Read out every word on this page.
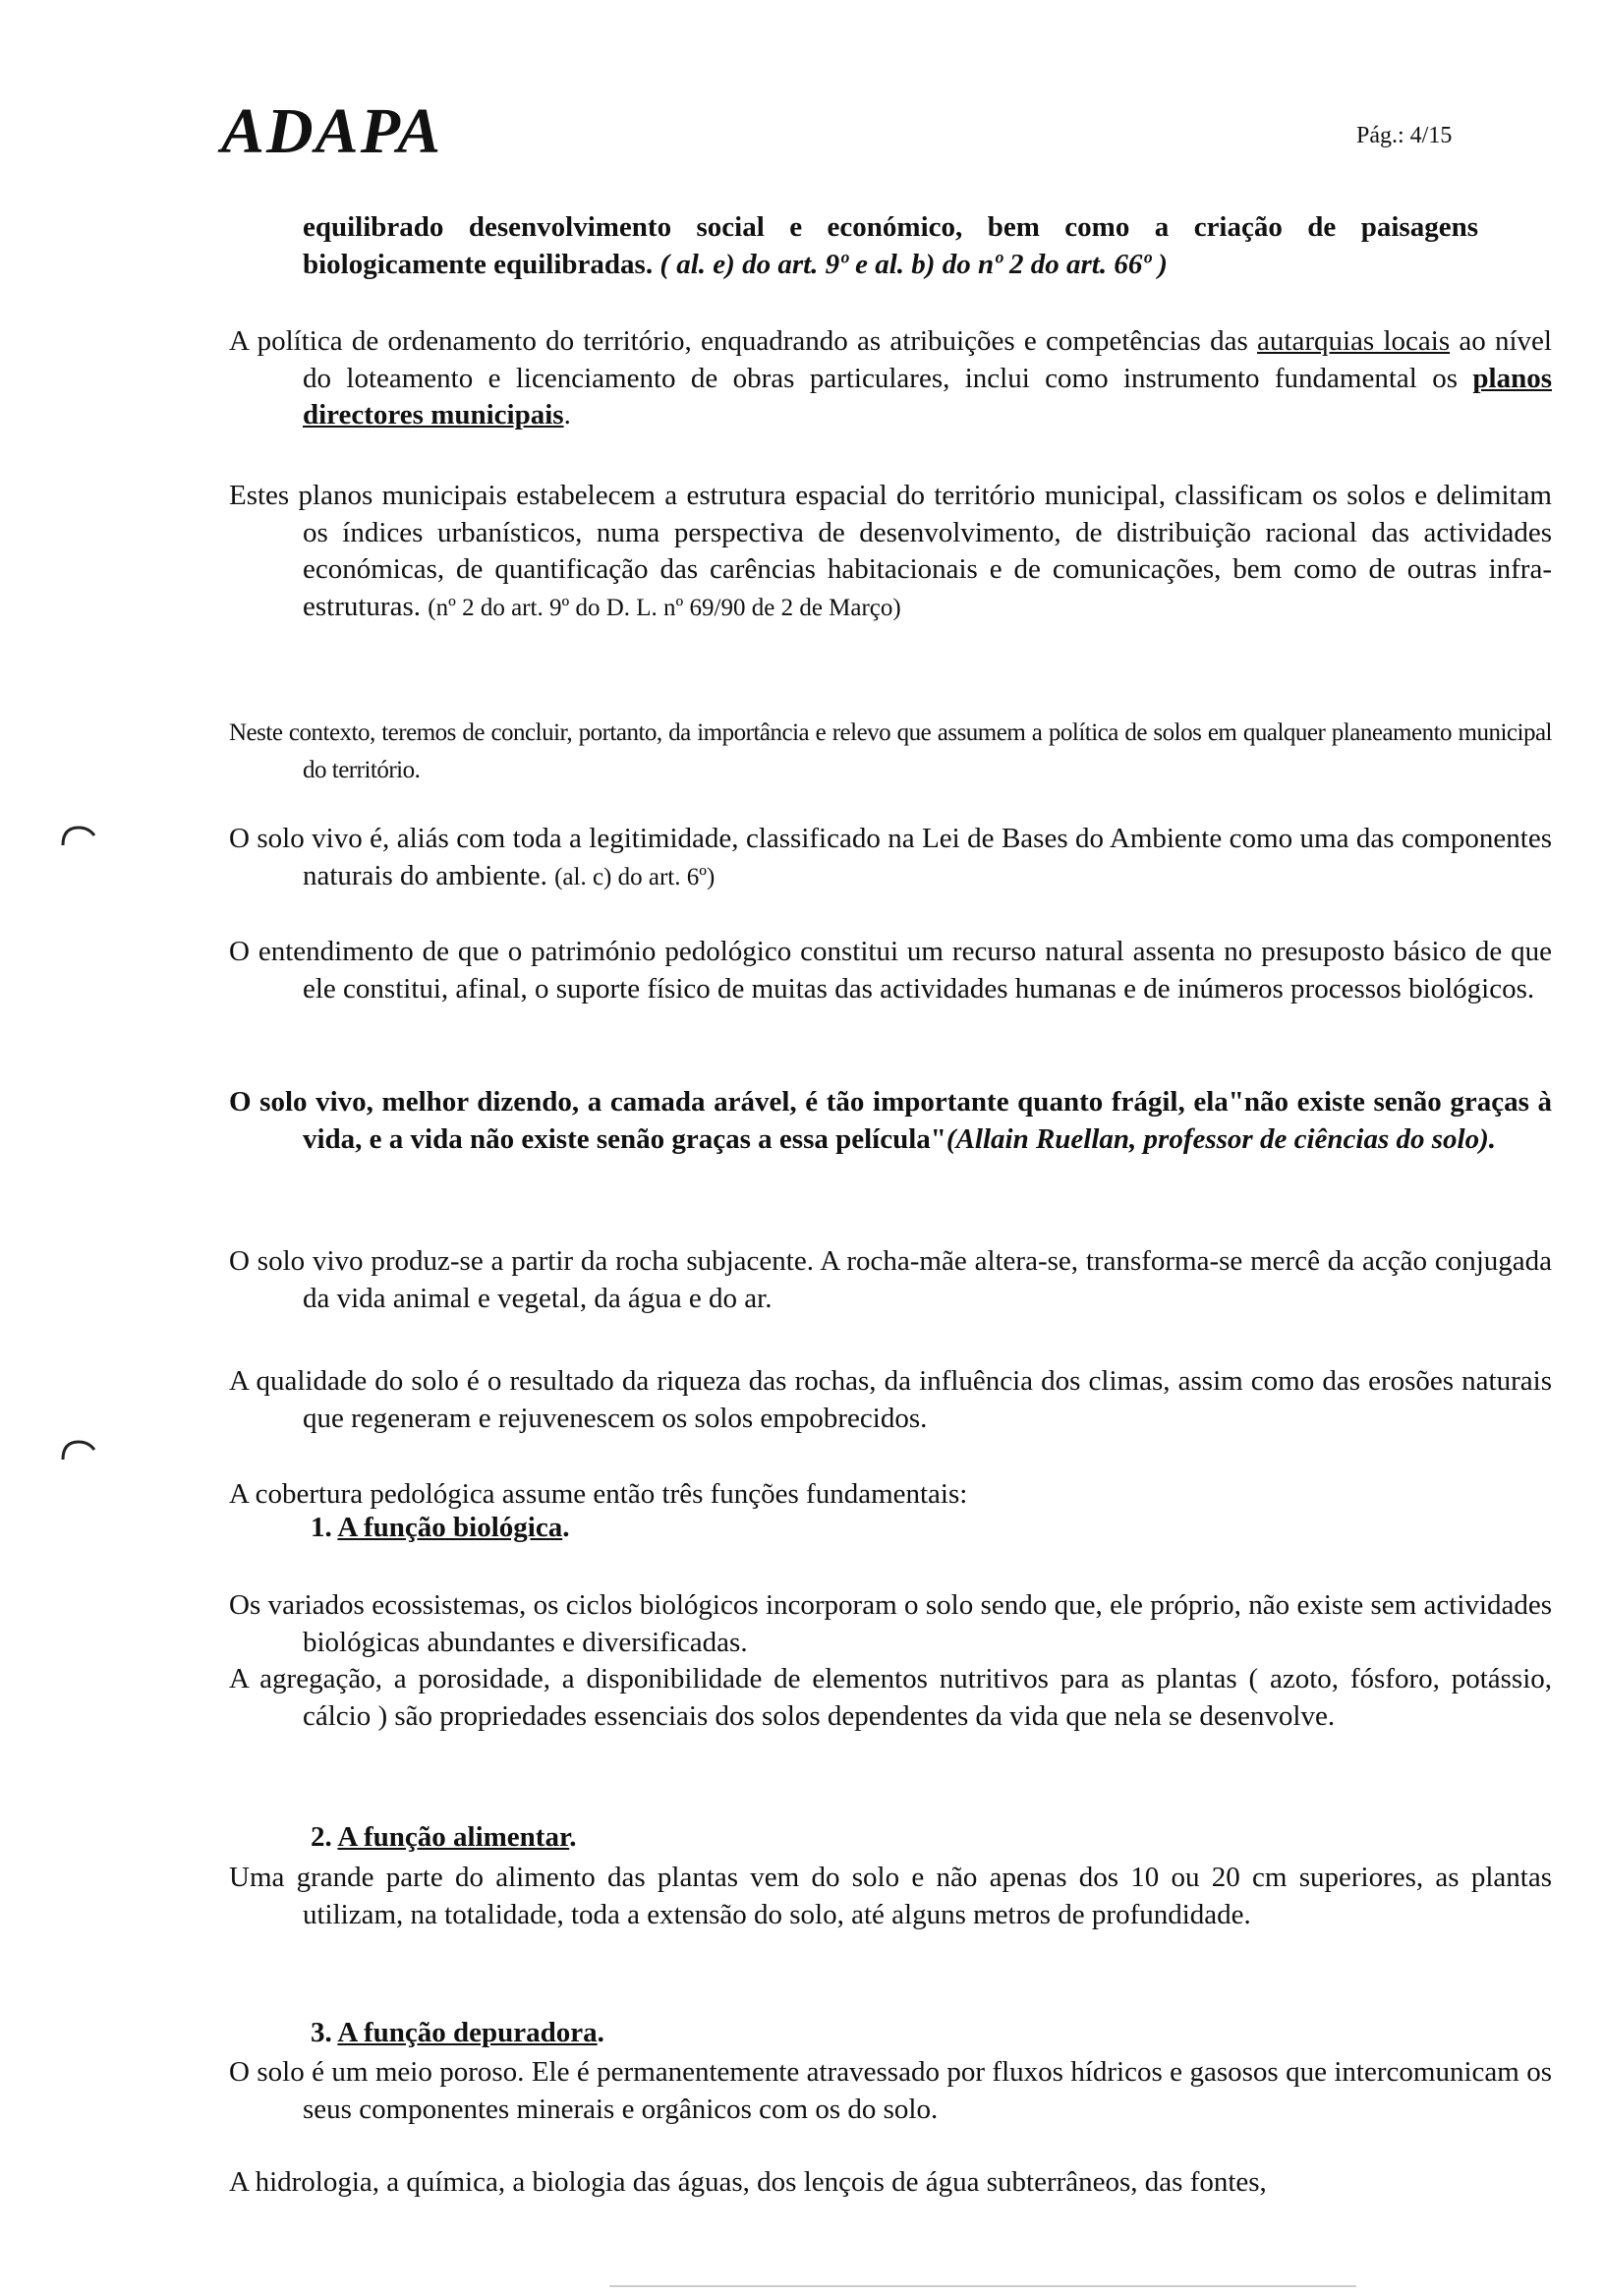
ADAPA	Pág.: 4/15

equilibrado desenvolvimento social e económico, bem como a criação de paisagens biologicamente equilibradas. ( al. e) do art. 9º e al. b) do nº 2 do art. 66º )

A política de ordenamento do território, enquadrando as atribuições e competências das autarquias locais ao nível do loteamento e licenciamento de obras particulares, inclui como instrumento fundamental os planos directores municipais.

Estes planos municipais estabelecem a estrutura espacial do território municipal, classificam os solos e delimitam os índices urbanísticos, numa perspectiva de desenvolvimento, de distribuição racional das actividades económicas, de quantificação das carências habitacionais e de comunicações, bem como de outras infra-estruturas. (nº 2 do art. 9º do D. L. nº 69/90 de 2 de Março)

Neste contexto, teremos de concluir, portanto, da importância e relevo que assumem a política de solos em qualquer planeamento municipal do território.

O solo vivo é, aliás com toda a legitimidade, classificado na Lei de Bases do Ambiente como uma das componentes naturais do ambiente. (al. c) do art. 6º)

O entendimento de que o património pedológico constitui um recurso natural assenta no presuposto básico de que ele constitui, afinal, o suporte físico de muitas das actividades humanas e de inúmeros processos biológicos.

O solo vivo, melhor dizendo, a camada arável, é tão importante quanto frágil, ela"não existe senão graças à vida, e a vida não existe senão graças a essa película"(Allain Ruellan, professor de ciências do solo).

O solo vivo produz-se a partir da rocha subjacente. A rocha-mãe altera-se, transforma-se mercê da acção conjugada da vida animal e vegetal, da água e do ar.

A qualidade do solo é o resultado da riqueza das rochas, da influência dos climas, assim como das erosões naturais que regeneram e rejuvenescem os solos empobrecidos.

A cobertura pedológica assume então três funções fundamentais:

1. A função biológica.

Os variados ecossistemas, os ciclos biológicos incorporam o solo sendo que, ele próprio, não existe sem actividades biológicas abundantes e diversificadas.

A agregação, a porosidade, a disponibilidade de elementos nutritivos para as plantas ( azoto, fósforo, potássio, cálcio ) são propriedades essenciais dos solos dependentes da vida que nela se desenvolve.

2. A função alimentar.

Uma grande parte do alimento das plantas vem do solo e não apenas dos 10 ou 20 cm superiores, as plantas utilizam, na totalidade, toda a extensão do solo, até alguns metros de profundidade.

3. A função depuradora.

O solo é um meio poroso. Ele é permanentemente atravessado por fluxos hídricos e gasosos que intercomunicam os seus componentes minerais e orgânicos com os do solo.

A hidrologia, a química, a biologia das águas, dos lençois de água subterrâneos, das fontes,
